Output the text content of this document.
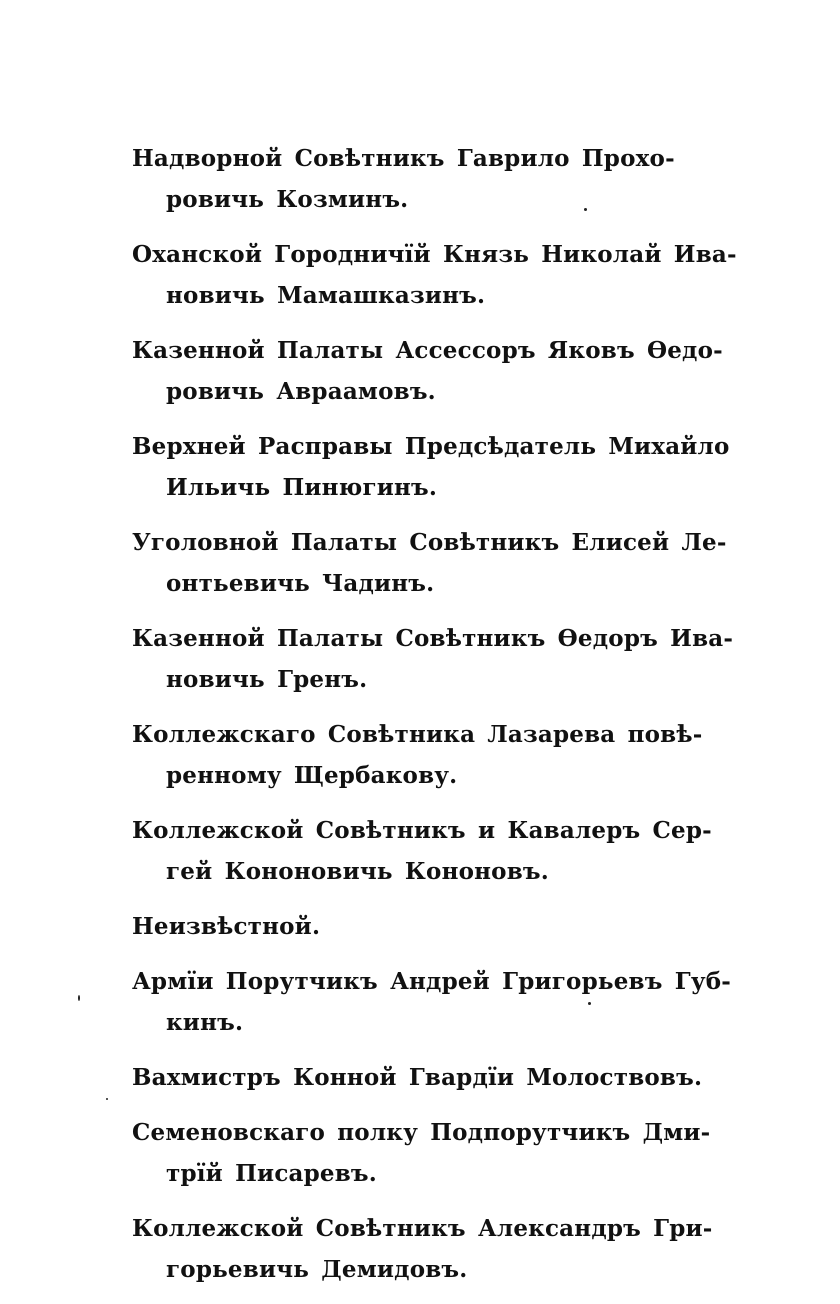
Надворной Совѣтникъ Гаврило Прохо-
ровичь Козминъ.
Оханской Городничїй Князь Николай Ива-
новичь Мамашказинъ.
Казенной Палаты Ассессоръ Яковъ Ѳедо-
ровичь Авраамовъ.
Верхней Расправы Предсѣдатель Михайло
Ильичь Пинюгинъ.
Уголовной Палаты Совѣтникъ Елисей Ле-
онтьевичь Чадинъ.
Казенной Палаты Совѣтникъ Ѳедоръ Ива-
новичь Гренъ.
Коллежскаго Совѣтника Лазарева повѣ-
ренному Щербакову.
Коллежской Совѣтникъ и Кавалеръ Сер-
гей Кононовичь Кононовъ.
Неизвѣстной.
Армїи Порутчикъ Андрей Григорьевъ Губ-
кинъ.
Вахмистръ Конной Гвардїи Молоствовъ.
Семеновскаго полку Подпорутчикъ Дми-
трїй Писаревъ.
Коллежской Совѣтникъ Александръ Гри-
горьевичь Демидовъ.
